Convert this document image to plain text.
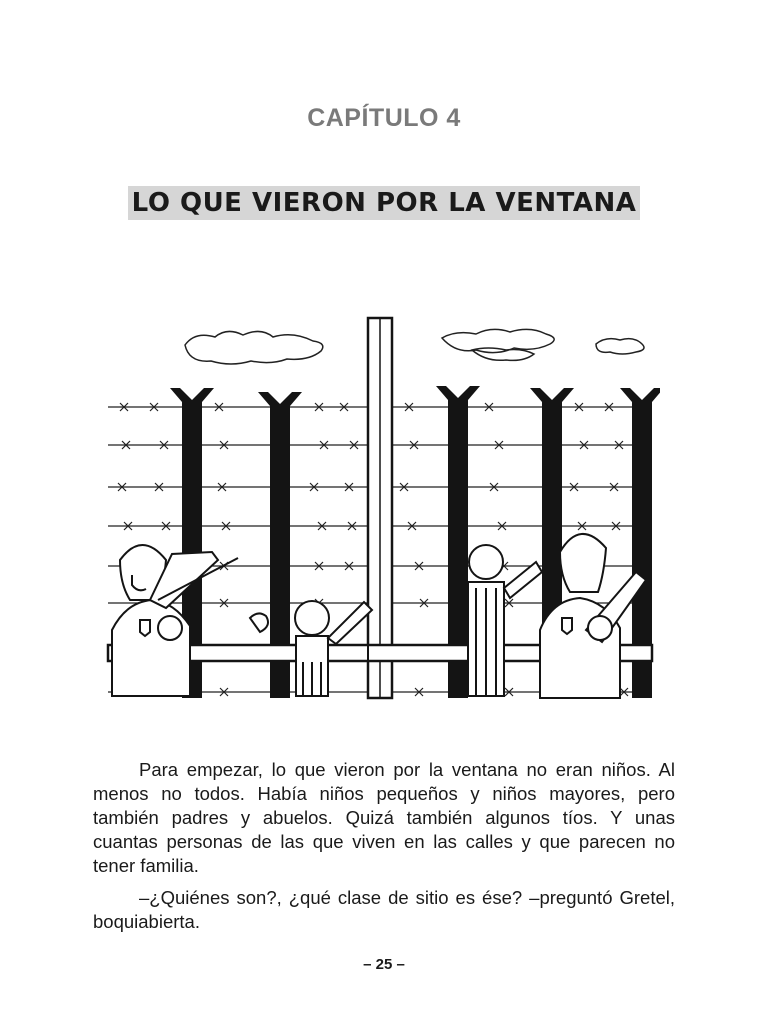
CAPÍTULO 4
LO QUE VIERON POR LA VENTANA

Para empezar, lo que vieron por la ventana no eran niños. Al menos no todos. Había niños pequeños y niños mayores, pero también padres y abuelos. Quizá también algunos tíos. Y unas cuantas personas de las que viven en las calles y que parecen no tener familia.

–¿Quiénes son?, ¿qué clase de sitio es ése? –preguntó Gretel, boquiabierta.

– 25 –
